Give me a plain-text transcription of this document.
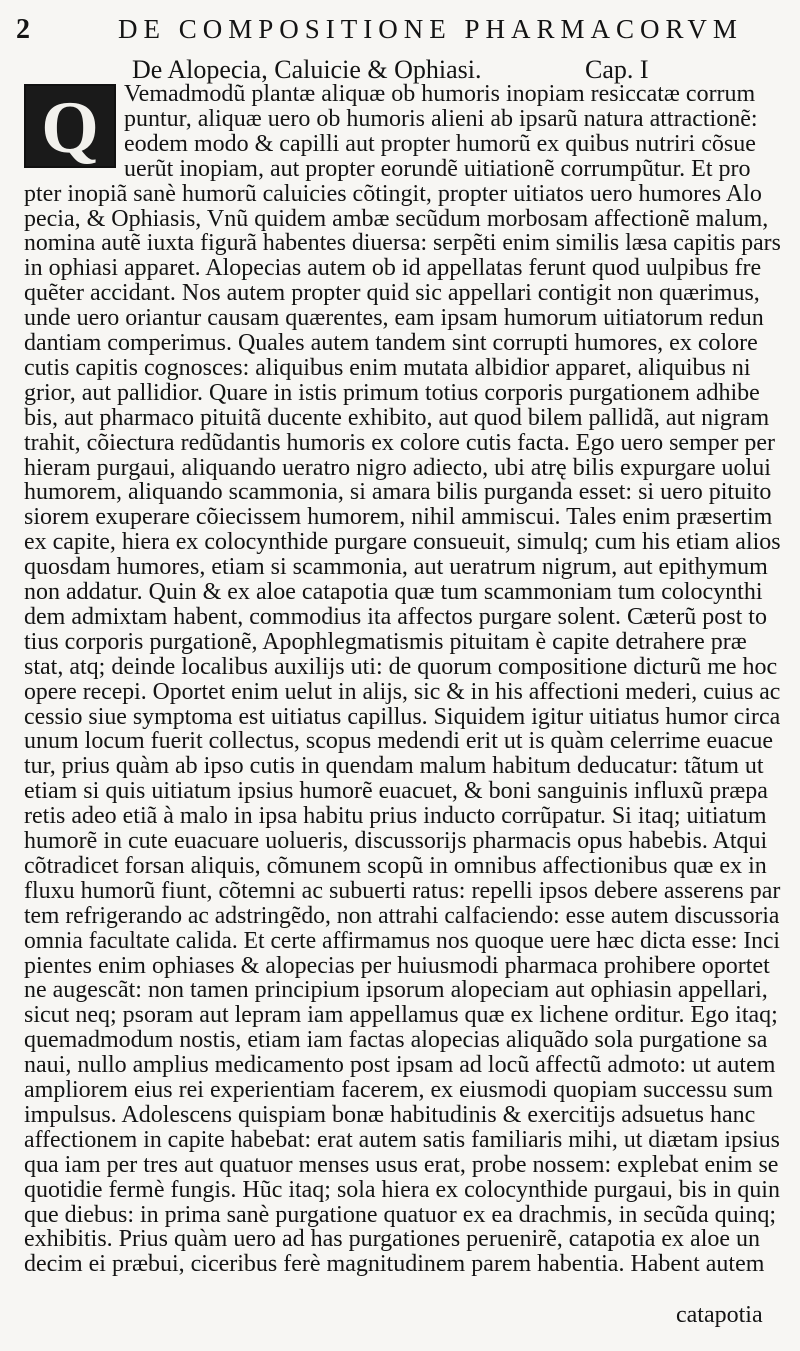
2	DE COMPOSITIONE PHARMACORVM
De Alopecia, Caluicie & Ophiasi.	Cap. I
Q	Vemadmodũ plantæ aliquæ ob humoris inopiam resiccatæ corrum
puntur, aliquæ uero ob humoris alieni ab ipsarũ natura attractionẽ:
eodem modo & capilli aut propter humorũ ex quibus nutriri cõsue
uerũt inopiam, aut propter eorundẽ uitiationẽ corrumpũtur. Et pro
pter inopiã sanè humorũ caluicies cõtingit, propter uitiatos uero humores Alo
pecia, & Ophiasis, Vnũ quidem ambæ secũdum morbosam affectionẽ malum,
nomina autẽ iuxta figurã habentes diuersa: serpẽti enim similis læsa capitis pars
in ophiasi apparet. Alopecias autem ob id appellatas ferunt quod uulpibus fre
quẽter accidant. Nos autem propter quid sic appellari contigit non quærimus,
unde uero oriantur causam quærentes, eam ipsam humorum uitiatorum redun
dantiam comperimus. Quales autem tandem sint corrupti humores, ex colore
cutis capitis cognosces: aliquibus enim mutata albidior apparet, aliquibus ni
grior, aut pallidior. Quare in istis primum totius corporis purgationem adhibe
bis, aut pharmaco pituitã ducente exhibito, aut quod bilem pallidã, aut nigram
trahit, cõiectura redũdantis humoris ex colore cutis facta. Ego uero semper per
hieram purgaui, aliquando ueratro nigro adiecto, ubi atrę bilis expurgare uolui
humorem, aliquando scammonia, si amara bilis purganda esset: si uero pituito
siorem exuperare cõiecissem humorem, nihil ammiscui. Tales enim præsertim
ex capite, hiera ex colocynthide purgare consueuit, simulq; cum his etiam alios
quosdam humores, etiam si scammonia, aut ueratrum nigrum, aut epithymum
non addatur. Quin & ex aloe catapotia quæ tum scammoniam tum colocynthi
dem admixtam habent, commodius ita affectos purgare solent. Cæterũ post to
tius corporis purgationẽ, Apophlegmatismis pituitam è capite detrahere præ
stat, atq; deinde localibus auxilijs uti: de quorum compositione dicturũ me hoc
opere recepi. Oportet enim uelut in alijs, sic & in his affectioni mederi, cuius ac
cessio siue symptoma est uitiatus capillus. Siquidem igitur uitiatus humor circa
unum locum fuerit collectus, scopus medendi erit ut is quàm celerrime euacue
tur, prius quàm ab ipso cutis in quendam malum habitum deducatur: tãtum ut
etiam si quis uitiatum ipsius humorẽ euacuet, & boni sanguinis influxũ præpa
retis adeo etiã à malo in ipsa habitu prius inducto corrũpatur. Si itaq; uitiatum
humorẽ in cute euacuare uolueris, discussorijs pharmacis opus habebis. Atqui
cõtradicet forsan aliquis, cõmunem scopũ in omnibus affectionibus quæ ex in
fluxu humorũ fiunt, cõtemni ac subuerti ratus: repelli ipsos debere asserens par
tem refrigerando ac adstringẽdo, non attrahi calfaciendo: esse autem discussoria
omnia facultate calida. Et certe affirmamus nos quoque uere hæc dicta esse: Inci
pientes enim ophiases & alopecias per huiusmodi pharmaca prohibere oportet
ne augescãt: non tamen principium ipsorum alopeciam aut ophiasin appellari,
sicut neq; psoram aut lepram iam appellamus quæ ex lichene orditur. Ego itaq;
quemadmodum nostis, etiam iam factas alopecias aliquãdo sola purgatione sa
naui, nullo amplius medicamento post ipsam ad locũ affectũ admoto: ut autem
ampliorem eius rei experientiam facerem, ex eiusmodi quopiam successu sum
impulsus. Adolescens quispiam bonæ habitudinis & exercitijs adsuetus hanc
affectionem in capite habebat: erat autem satis familiaris mihi, ut diætam ipsius
qua iam per tres aut quatuor menses usus erat, probe nossem: explebat enim se
quotidie fermè fungis. Hũc itaq; sola hiera ex colocynthide purgaui, bis in quin
que diebus: in prima sanè purgatione quatuor ex ea drachmis, in secũda quinq;
exhibitis. Prius quàm uero ad has purgationes peruenirẽ, catapotia ex aloe un
decim ei præbui, ciceribus ferè magnitudinem parem habentia. Habent autem
catapotia
